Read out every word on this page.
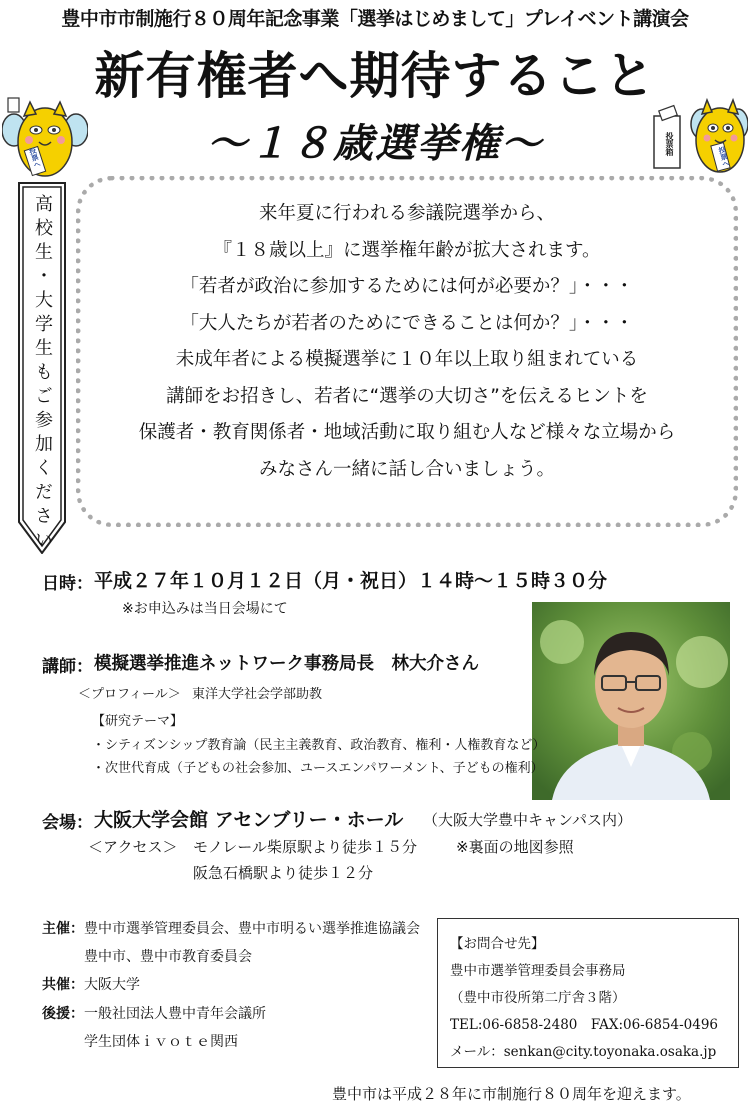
豊中市市制施行８０周年記念事業「選挙はじめまして」プレイベント講演会
新有権者へ期待すること
～１８歳選挙権～
投票へ
投票箱
投票へ
高校生・大学生もご参加ください	来年夏に行われる参議院選挙から、
『１８歳以上』に選挙権年齢が拡大されます。
「若者が政治に参加するためには何が必要か？」・・・
「大人たちが若者のためにできることは何か？」・・・
未成年者による模擬選挙に１０年以上取り組まれている
講師をお招きし、若者に“選挙の大切さ”を伝えるヒントを
保護者・教育関係者・地域活動に取り組む人など様々な立場から
みなさん一緒に話し合いましょう。
日時： 平成２７年１０月１２日（月・祝日）１４時～１５時３０分
※お申込みは当日会場にて
講師： 模擬選挙推進ネットワーク事務局長　林大介さん
＜プロフィール＞ 東洋大学社会学部助教
【研究テーマ】
・シティズンシップ教育論（民主主義教育、政治教育、権利・人権教育など）
・次世代育成（子どもの社会参加、ユースエンパワーメント、子どもの権利）
会場： 大阪大学会館 アセンブリー・ホール （大阪大学豊中キャンパス内）
＜アクセス＞ モノレール柴原駅より徒歩１５分	※裏面の地図参照
阪急石橋駅より徒歩１２分
主催： 豊中市選挙管理委員会、豊中市明るい選挙推進協議会
豊中市、豊中市教育委員会
共催： 大阪大学
後援： 一般社団法人豊中青年会議所
学生団体ｉｖｏｔｅ関西
【お問合せ先】
豊中市選挙管理委員会事務局
（豊中市役所第二庁舎３階）
TEL:06-6858-2480　FAX:06-6854-0496
メール：senkan@city.toyonaka.osaka.jp
豊中市は平成２８年に市制施行８０周年を迎えます。
